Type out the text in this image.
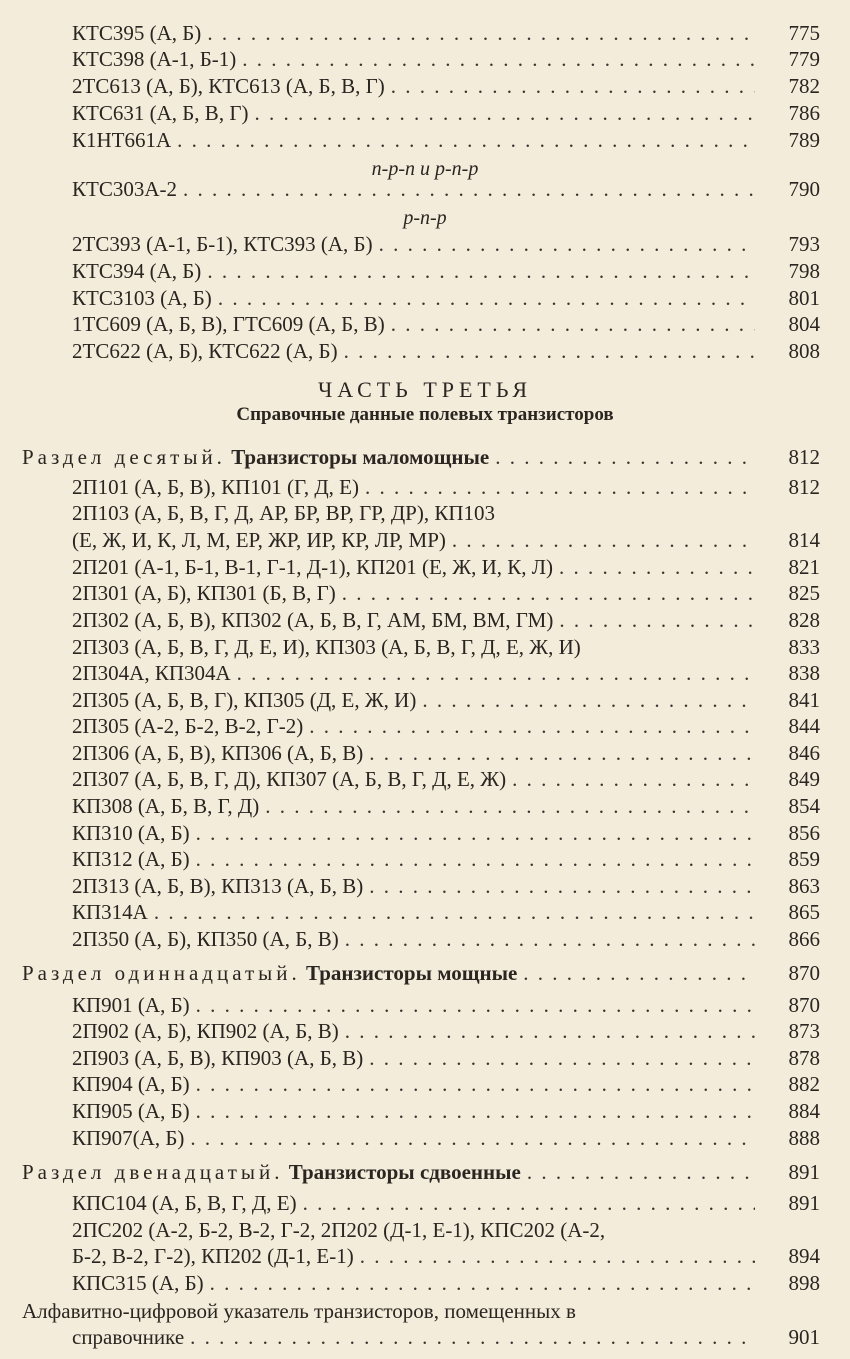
КТС395 (А, Б) . . .	775
КТС398 (А-1, Б-1) . . .	779
2ТС613 (А, Б), КТС613 (А, Б, В, Г) . . .	782
КТС631 (А, Б, В, Г) . . .	786
К1НТ661А . . .	789
n-p-n и p-n-p
КТС303А-2 . . .	790
p-n-p
2ТС393 (А-1, Б-1), КТС393 (А, Б) . . .	793
КТС394 (А, Б) . . .	798
КТС3103 (А, Б) . . .	801
1ТС609 (А, Б, В), ГТС609 (А, Б, В) . . .	804
2ТС622 (А, Б), КТС622 (А, Б) . . .	808
ЧАСТЬ ТРЕТЬЯ
Справочные данные полевых транзисторов
Раздел десятый.
Транзисторы маломощные . . .	812
2П101 (А, Б, В), КП101 (Г, Д, Е) . . .	812
2П103 (А, Б, В, Г, Д, АР, БР, ВР, ГР, ДР), КП103
(Е, Ж, И, К, Л, М, ЕР, ЖР, ИР, КР, ЛР, МР) . . .	814
2П201 (А-1, Б-1, В-1, Г-1, Д-1), КП201 (Е, Ж, И, К, Л) . . .	821
2П301 (А, Б), КП301 (Б, В, Г) . . .	825
2П302 (А, Б, В), КП302 (А, Б, В, Г, АМ, БМ, ВМ, ГМ) . . .	828
2П303 (А, Б, В, Г, Д, Е, И), КП303 (А, Б, В, Г, Д, Е, Ж, И)	833
2П304А, КП304А . . .	838
2П305 (А, Б, В, Г), КП305 (Д, Е, Ж, И) . . .	841
2П305 (А-2, Б-2, В-2, Г-2) . . .	844
2П306 (А, Б, В), КП306 (А, Б, В) . . .	846
2П307 (А, Б, В, Г, Д), КП307 (А, Б, В, Г, Д, Е, Ж) . . .	849
КП308 (А, Б, В, Г, Д) . . .	854
КП310 (А, Б) . . .	856
КП312 (А, Б) . . .	859
2П313 (А, Б, В), КП313 (А, Б, В) . . .	863
КП314А . . .	865
2П350 (А, Б), КП350 (А, Б, В) . . .	866
Раздел одиннадцатый.
Транзисторы мощные . . .	870
КП901 (А, Б) . . .	870
2П902 (А, Б), КП902 (А, Б, В) . . .	873
2П903 (А, Б, В), КП903 (А, Б, В) . . .	878
КП904 (А, Б) . . .	882
КП905 (А, Б) . . .	884
КП907(А, Б) . . .	888
Раздел двенадцатый.
Транзисторы сдвоенные . . .	891
КПС104 (А, Б, В, Г, Д, Е) . . .	891
2ПС202 (А-2, Б-2, В-2, Г-2, 2П202 (Д-1, Е-1), КПС202 (А-2,
Б-2, В-2, Г-2), КП202 (Д-1, Е-1) . . .	894
КПС315 (А, Б) . . .	898
Алфавитно-цифровой указатель транзисторов, помещенных в
справочнике . . .	901
